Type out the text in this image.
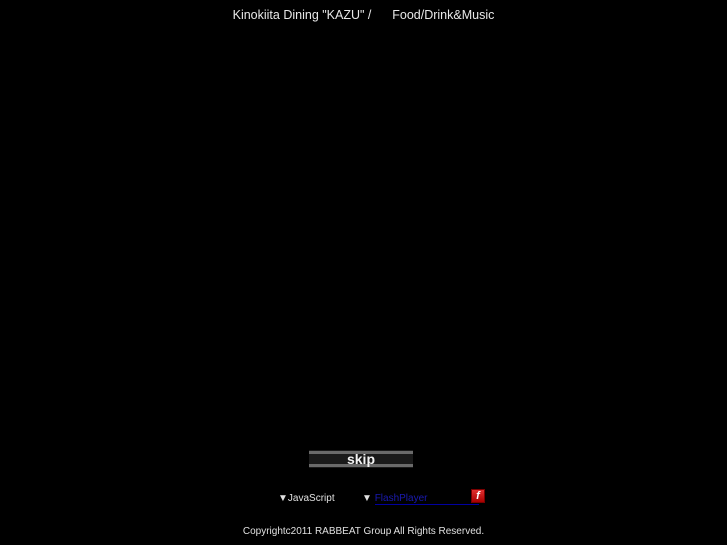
Kinokiita Dining "KAZU" / Food/Drink&Music
skip
▼JavaScript	▼ FlashPlayer	f
Copyrightc2011 RABBEAT Group All Rights Reserved.
